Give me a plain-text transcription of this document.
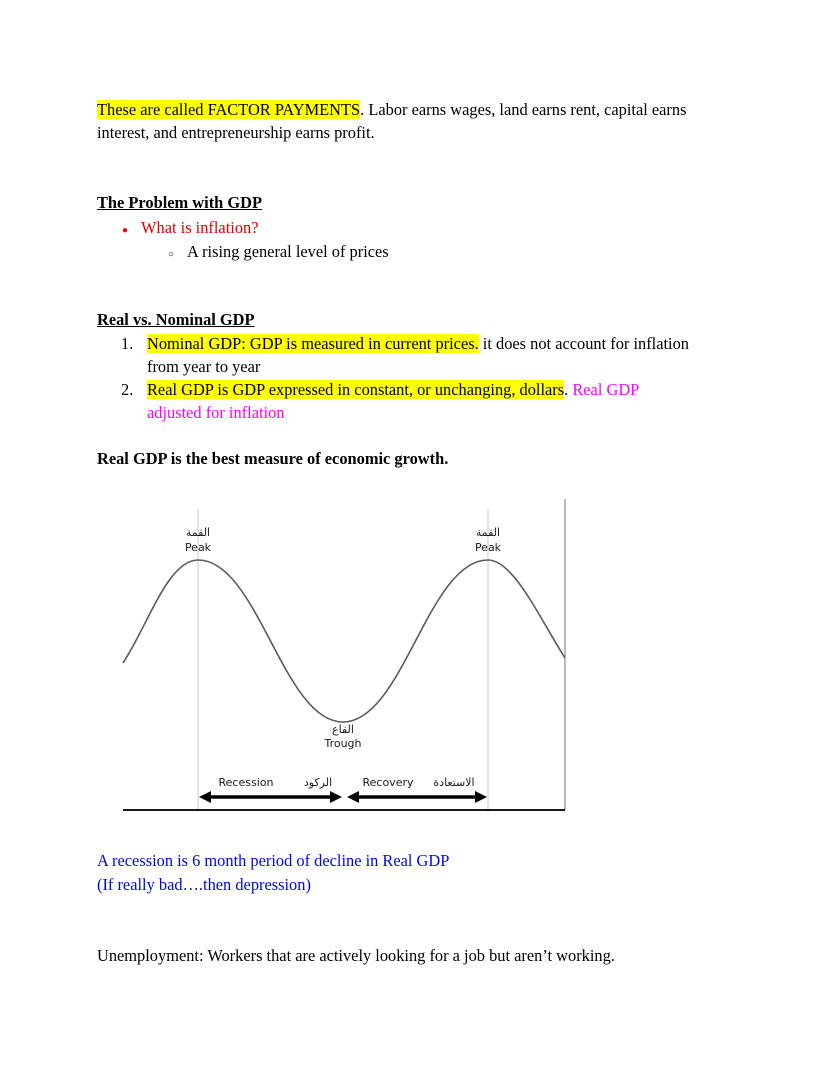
These are called FACTOR PAYMENTS. Labor earns wages, land earns rent, capital earns
interest, and entrepreneurship earns profit.
The Problem with GDP
● What is inflation?
○ A rising general level of prices
Real vs. Nominal GDP
1. Nominal GDP: GDP is measured in current prices. it does not account for inflation
from year to year
2. Real GDP is GDP expressed in constant, or unchanging, dollars. Real GDP
adjusted for inflation
Real GDP is the best measure of economic growth.
القمة
Peak
القمة
Peak
القاع
Trough
Recession	الركود	Recovery الاستعادة
A recession is 6 month period of decline in Real GDP
(If really bad….then depression)
Unemployment: Workers that are actively looking for a job but aren’t working.
